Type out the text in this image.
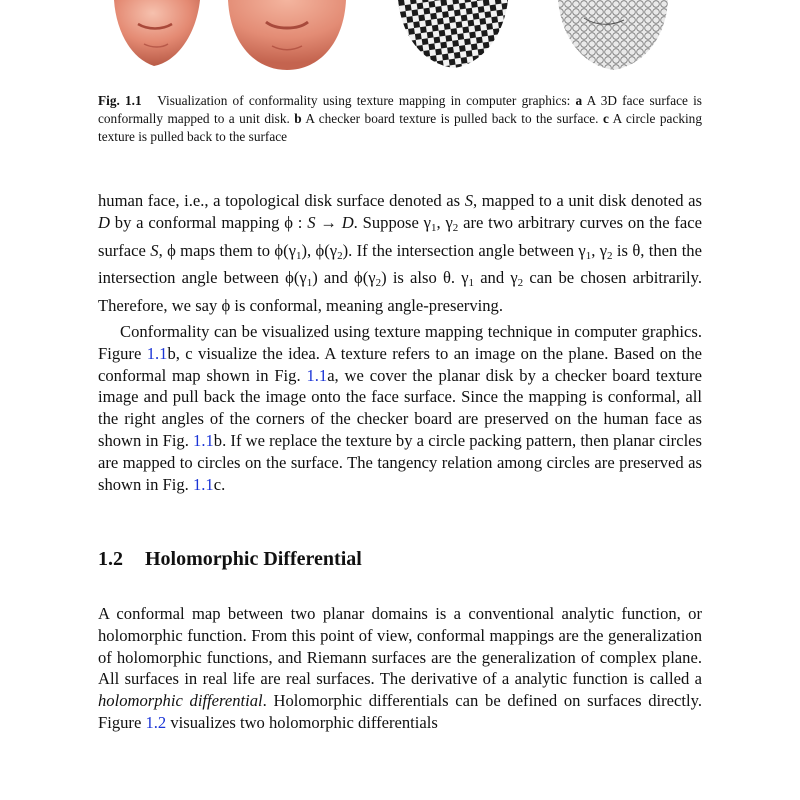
Fig. 1.1 Visualization of conformality using texture mapping in computer graphics: a A 3D face surface is conformally mapped to a unit disk. b A checker board texture is pulled back to the surface. c A circle packing texture is pulled back to the surface

human face, i.e., a topological disk surface denoted as S, mapped to a unit disk denoted as D by a conformal mapping ϕ : S → D. Suppose $\gamma_1$, $\gamma_2$ are two arbitrary curves on the face surface S, ϕ maps them to $\phi(\gamma_1)$, $\phi(\gamma_2)$. If the intersection angle between $\gamma_1$, $\gamma_2$ is θ, then the intersection angle between $\phi(\gamma_1)$ and $\phi(\gamma_2)$ is also θ. $\gamma_1$ and $\gamma_2$ can be chosen arbitrarily. Therefore, we say ϕ is conformal, meaning angle-preserving.

Conformality can be visualized using texture mapping technique in computer graphics. Figure 1.1b, c visualize the idea. A texture refers to an image on the plane. Based on the conformal map shown in Fig. 1.1a, we cover the planar disk by a checker board texture image and pull back the image onto the face surface. Since the mapping is conformal, all the right angles of the corners of the checker board are preserved on the human face as shown in Fig. 1.1b. If we replace the texture by a circle packing pattern, then planar circles are mapped to circles on the surface. The tangency relation among circles are preserved as shown in Fig. 1.1c.

1.2 Holomorphic Differential

A conformal map between two planar domains is a conventional analytic function, or holomorphic function. From this point of view, conformal mappings are the generalization of holomorphic functions, and Riemann surfaces are the generalization of complex plane. All surfaces in real life are real surfaces. The derivative of a analytic function is called a holomorphic differential. Holomorphic differentials can be defined on surfaces directly. Figure 1.2 visualizes two holomorphic differentials
